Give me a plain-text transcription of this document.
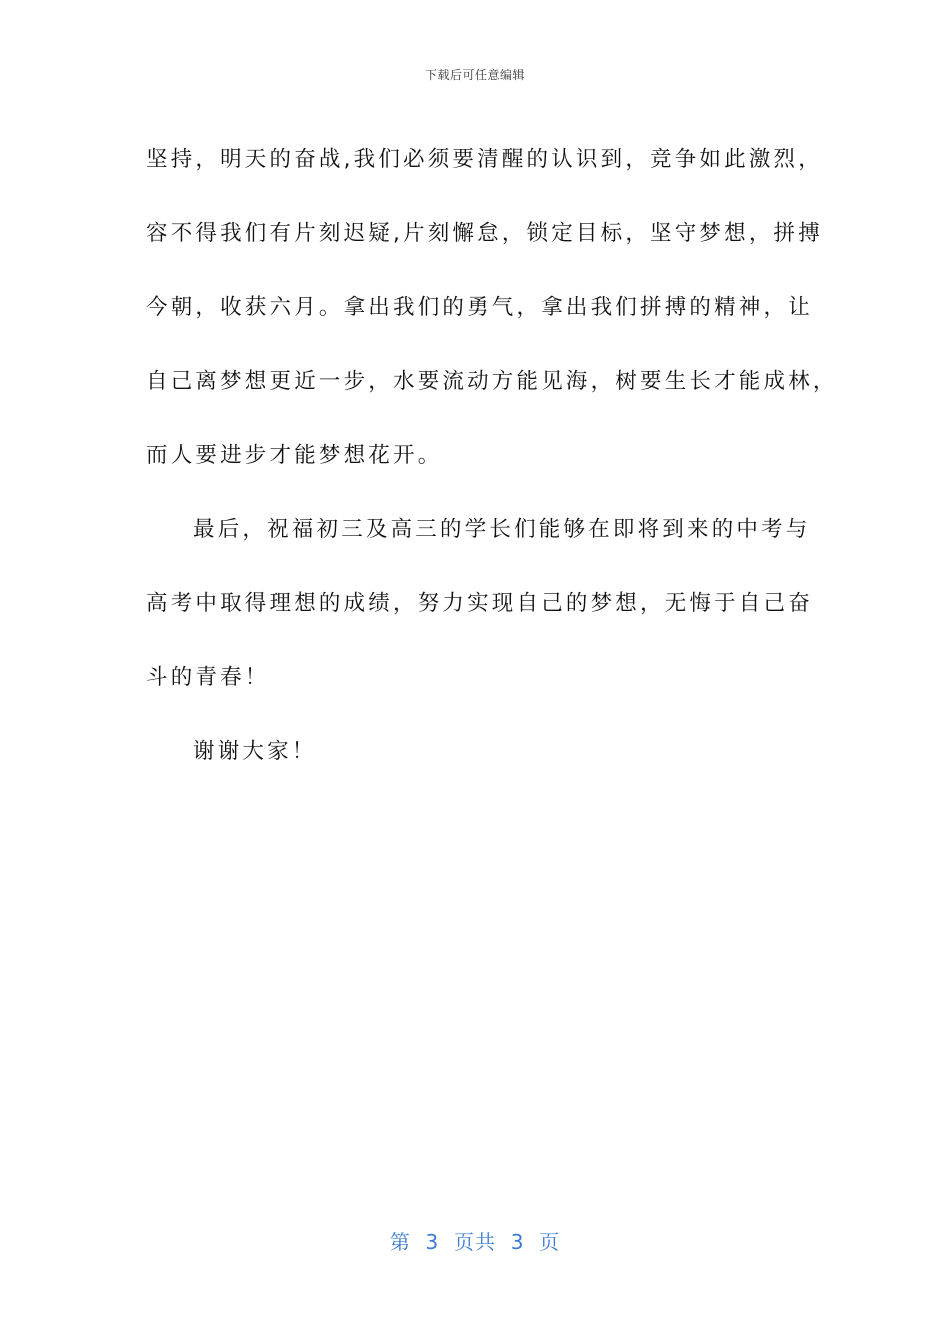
下载后可任意编辑
坚持，明天的奋战,我们必须要清醒的认识到，竞争如此激烈，
容不得我们有片刻迟疑,片刻懈怠，锁定目标，坚守梦想，拼搏
今朝，收获六月。拿出我们的勇气，拿出我们拼搏的精神，让
自己离梦想更近一步，水要流动方能见海，树要生长才能成林，
而人要进步才能梦想花开。
最后，祝福初三及高三的学长们能够在即将到来的中考与
高考中取得理想的成绩，努力实现自己的梦想，无悔于自己奋
斗的青春！
谢谢大家！
第  3  页共  3  页
